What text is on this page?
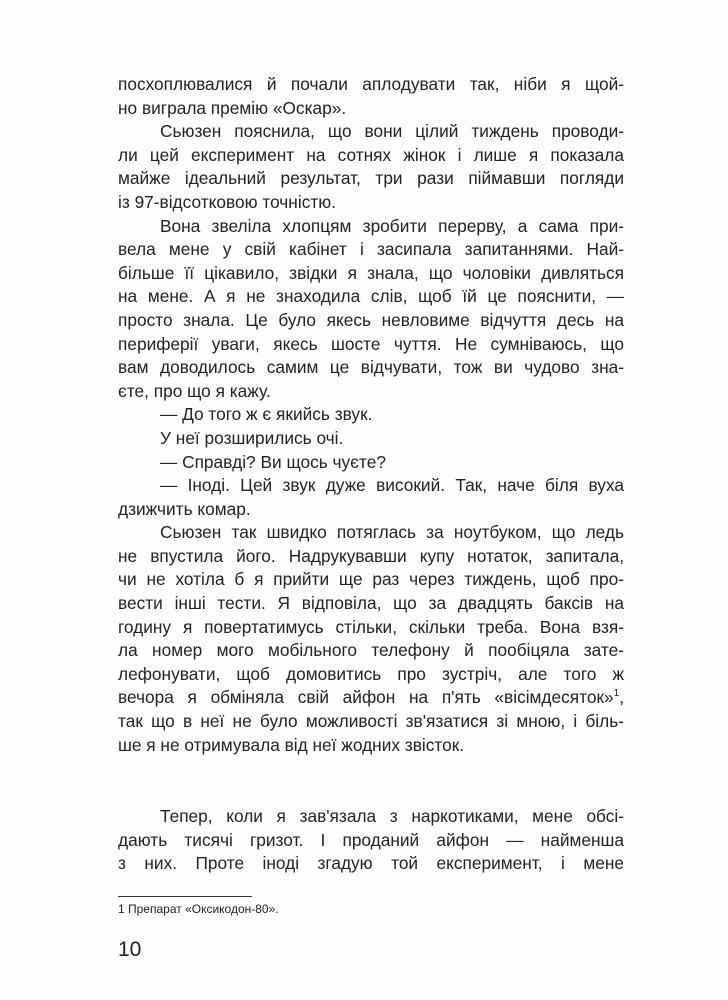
посхоплювалися й почали аплодувати так, ніби я щой-
но виграла премію «Оскар».
Сьюзен пояснила, що вони цілий тиждень проводи-
ли цей експеримент на сотнях жінок і лише я показала
майже ідеальний результат, три рази піймавши погляди
із 97-відсотковою точністю.
Вона звеліла хлопцям зробити перерву, а сама при-
вела мене у свій кабінет і засипала запитаннями. Най-
більше її цікавило, звідки я знала, що чоловіки дивляться
на мене. А я не знаходила слів, щоб їй це пояснити, —
просто знала. Це було якесь невловиме відчуття десь на
периферії уваги, якесь шосте чуття. Не сумніваюсь, що
вам доводилось самим це відчувати, тож ви чудово зна-
єте, про що я кажу.
— До того ж є якийсь звук.
У неї розширились очі.
— Справді? Ви щось чуєте?
— Іноді. Цей звук дуже високий. Так, наче біля вуха
дзижчить комар.
Сьюзен так швидко потяглась за ноутбуком, що ледь
не впустила його. Надрукувавши купу нотаток, запитала,
чи не хотіла б я прийти ще раз через тиждень, щоб про-
вести інші тести. Я відповіла, що за двадцять баксів на
годину я повертатимусь стільки, скільки треба. Вона взя-
ла номер мого мобільного телефону й пообіцяла зате-
лефонувати, щоб домовитись про зустріч, але того ж
вечора я обміняла свій айфон на п'ять «вісімдесяток»$^1$,
так що в неї не було можливості зв'язатися зі мною, і біль-
ше я не отримувала від неї жодних звісток.
Тепер, коли я зав'язала з наркотиками, мене обсі-
дають тисячі гризот. І проданий айфон — найменша
з них. Проте іноді згадую той експеримент, і мене
1 Препарат «Оксикодон-80».
10
